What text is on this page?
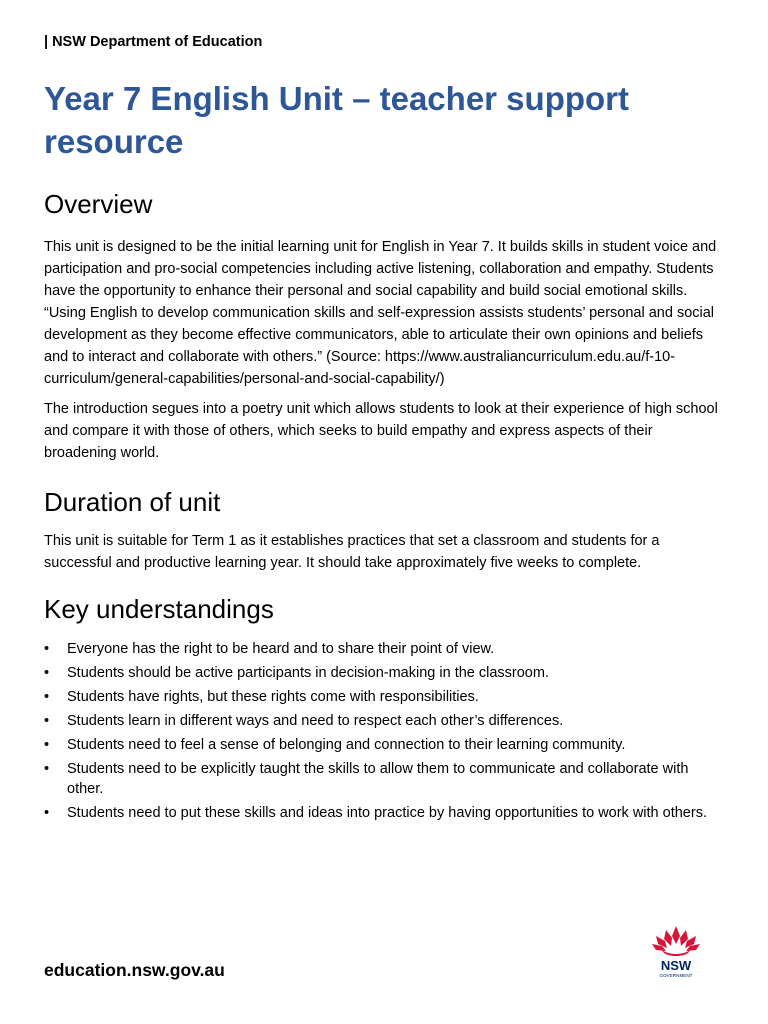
| NSW Department of Education
Year 7 English Unit – teacher support resource
Overview

This unit is designed to be the initial learning unit for English in Year 7. It builds skills in student voice and participation and pro-social competencies including active listening, collaboration and empathy. Students have the opportunity to enhance their personal and social capability and build social emotional skills. “Using English to develop communication skills and self-expression assists students’ personal and social development as they become effective communicators, able to articulate their own opinions and beliefs and to interact and collaborate with others.” (Source: https://www.australiancurriculum.edu.au/f-10-curriculum/general-capabilities/personal-and-social-capability/)

The introduction segues into a poetry unit which allows students to look at their experience of high school and compare it with those of others, which seeks to build empathy and express aspects of their broadening world.

Duration of unit

This unit is suitable for Term 1 as it establishes practices that set a classroom and students for a successful and productive learning year. It should take approximately five weeks to complete.

Key understandings
• Everyone has the right to be heard and to share their point of view.
• Students should be active participants in decision-making in the classroom.
• Students have rights, but these rights come with responsibilities.
• Students learn in different ways and need to respect each other’s differences.
• Students need to feel a sense of belonging and connection to their learning community.
• Students need to be explicitly taught the skills to allow them to communicate and collaborate with other.
• Students need to put these skills and ideas into practice by having opportunities to work with others.
education.nsw.gov.au	NSW
GOVERNMENT
